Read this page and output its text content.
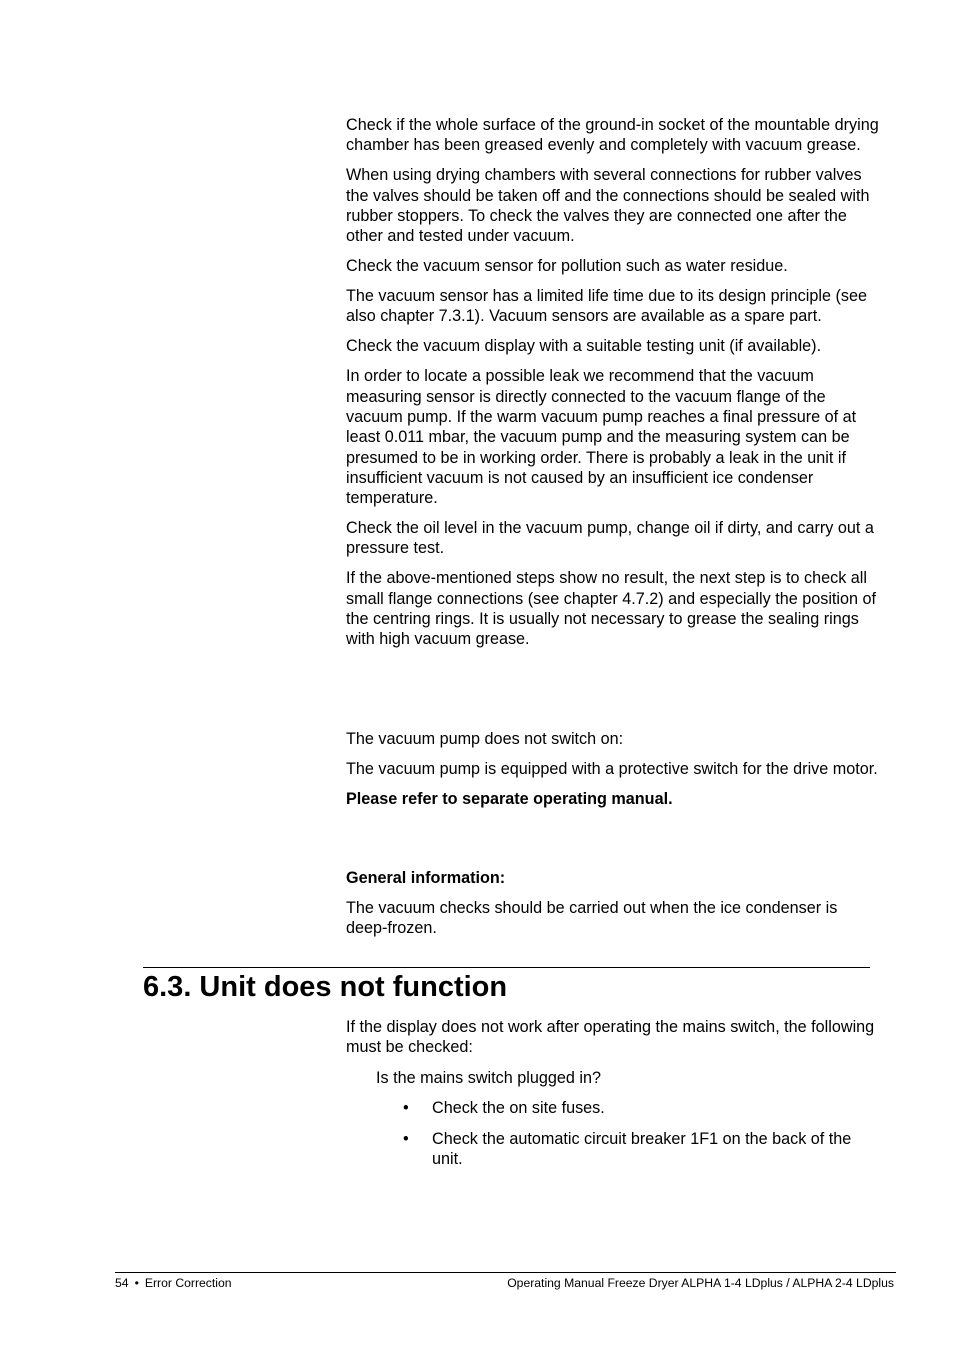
Check if the whole surface of the ground-in socket of the mountable drying chamber has been greased evenly and completely with vacuum grease.

When using drying chambers with several connections for rubber valves the valves should be taken off and the connections should be sealed with rubber stoppers. To check the valves they are connected one after the other and tested under vacuum.

Check the vacuum sensor for pollution such as water residue.

The vacuum sensor has a limited life time due to its design principle (see also chapter 7.3.1). Vacuum sensors are available as a spare part.

Check the vacuum display with a suitable testing unit (if available).

In order to locate a possible leak we recommend that the vacuum measuring sensor is directly connected to the vacuum flange of the vacuum pump. If the warm vacuum pump reaches a final pressure of at least 0.011 mbar, the vacuum pump and the measuring system can be presumed to be in working order. There is probably a leak in the unit if insufficient vacuum is not caused by an insufficient ice condenser temperature.

Check the oil level in the vacuum pump, change oil if dirty, and carry out a pressure test.

If the above-mentioned steps show no result, the next step is to check all small flange connections (see chapter 4.7.2) and especially the position of the centring rings. It is usually not necessary to grease the sealing rings with high vacuum grease.

The vacuum pump does not switch on:

The vacuum pump is equipped with a protective switch for the drive motor.

Please refer to separate operating manual.

General information:

The vacuum checks should be carried out when the ice condenser is deep-frozen.

6.3. Unit does not function

If the display does not work after operating the mains switch, the following must be checked:

Is the mains switch plugged in?
•	Check the on site fuses.
•	Check the automatic circuit breaker 1F1 on the back of the unit.
54 • Error Correction	Operating Manual Freeze Dryer ALPHA 1-4 LDplus / ALPHA 2-4 LDplus
